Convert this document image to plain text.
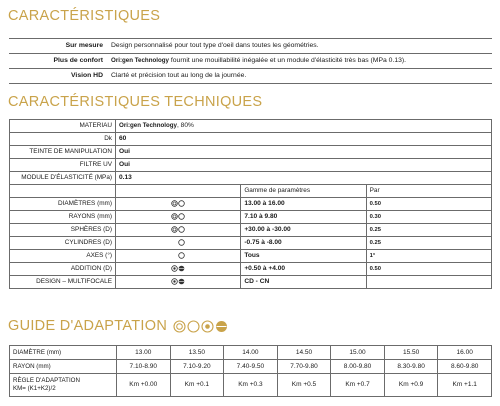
CARACTÉRISTIQUES
Sur mesure	Design personnalisé pour tout type d'oeil dans toutes les géométries.
Plus de confort	Ori:gen Technology fournit une mouillabilité inégalée et un module d'élasticité très bas (MPa 0.13).
Vision HD	Clarté et précision tout au long de la journée.
CARACTÉRISTIQUES TECHNIQUES
MATERIAU	Ori:gen Technology, 80%		
Dk	60		
TEINTE DE MANIPULATION	Oui		
FILTRE UV	Oui		
MODULE D'ÉLASTICITÉ (MPa)	0.13		
		Gamme de paramètres	Par
DIAMÈTRES (mm)		13.00 à 16.00	0.50
RAYONS (mm)		7.10 à 9.80	0.30
SPHÈRES (D)		+30.00 à -30.00	0.25
CYLINDRES (D)		-0.75 à -8.00	0.25
AXES (°)		Tous	1°
ADDITION (D)		+0.50 à +4.00	0.50
DESIGN – MULTIFOCALE		CD - CN	
GUIDE D'ADAPTATION
DIAMÈTRE (mm)	13.00	13.50	14.00	14.50	15.00	15.50	16.00
RAYON (mm)	7.10-8.90	7.10-9.20	7.40-9.50	7.70-9.80	8.00-9.80	8.30-9.80	8.60-9.80
RÈGLE D'ADAPTATION
KM= (K1+K2)/2	Km +0.00	Km +0.1	Km +0.3	Km +0.5	Km +0.7	Km +0.9	Km +1.1
